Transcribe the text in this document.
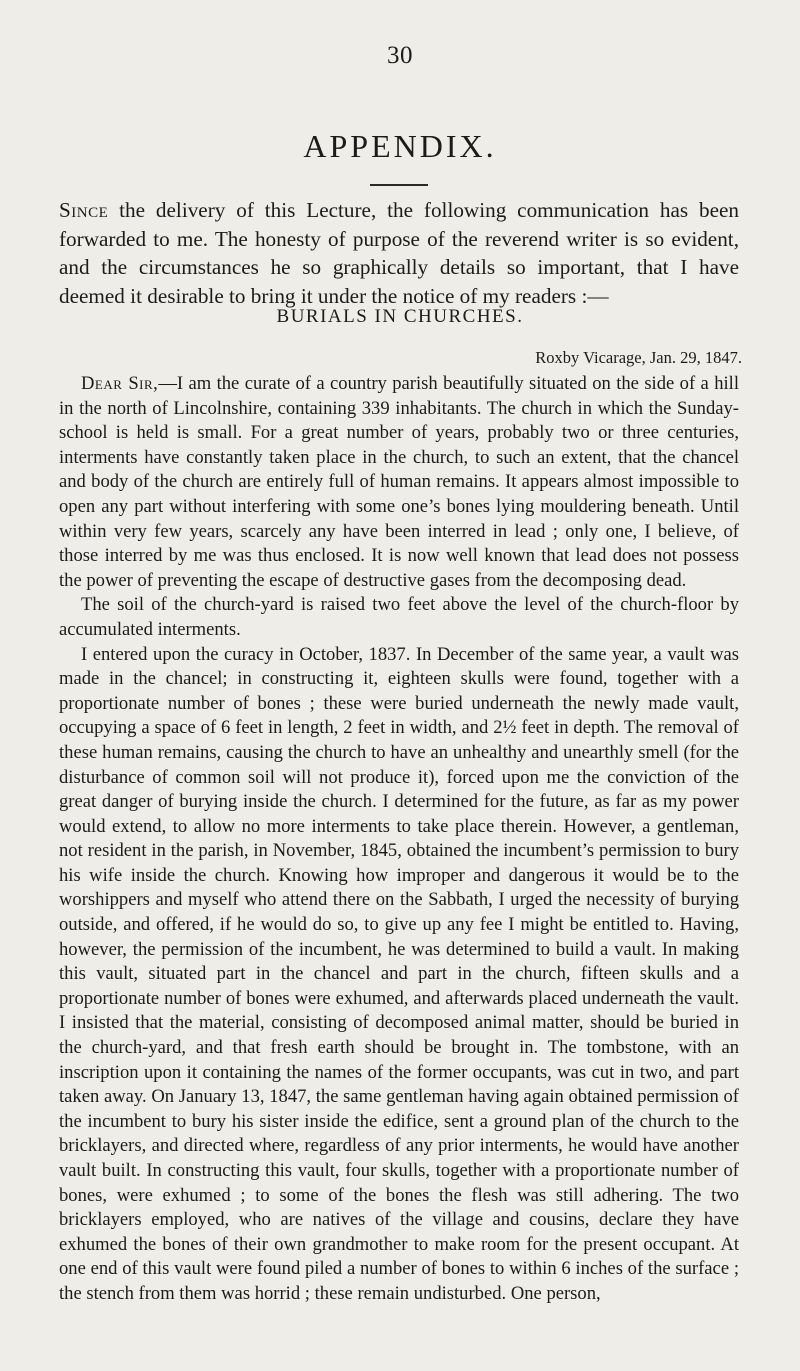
30
APPENDIX.

Since the delivery of this Lecture, the following communication has been forwarded to me. The honesty of purpose of the reverend writer is so evident, and the circumstances he so graphically details so important, that I have deemed it desirable to bring it under the notice of my readers :—

BURIALS IN CHURCHES.
Roxby Vicarage, Jan. 29, 1847.

Dear Sir,—I am the curate of a country parish beautifully situated on the side of a hill in the north of Lincolnshire, containing 339 inhabitants. The church in which the Sunday-school is held is small. For a great number of years, probably two or three centuries, interments have constantly taken place in the church, to such an extent, that the chancel and body of the church are entirely full of human remains. It appears almost impossible to open any part without interfering with some one’s bones lying mouldering beneath. Until within very few years, scarcely any have been interred in lead ; only one, I believe, of those interred by me was thus enclosed. It is now well known that lead does not possess the power of preventing the escape of destructive gases from the decomposing dead.

The soil of the church-yard is raised two feet above the level of the church-floor by accumulated interments.

I entered upon the curacy in October, 1837. In December of the same year, a vault was made in the chancel; in constructing it, eighteen skulls were found, together with a proportionate number of bones ; these were buried underneath the newly made vault, occupying a space of 6 feet in length, 2 feet in width, and 2½ feet in depth. The removal of these human remains, causing the church to have an unhealthy and unearthly smell (for the disturbance of common soil will not produce it), forced upon me the conviction of the great danger of burying inside the church. I determined for the future, as far as my power would extend, to allow no more interments to take place therein. However, a gentleman, not resident in the parish, in November, 1845, obtained the incumbent’s permission to bury his wife inside the church. Knowing how improper and dangerous it would be to the worshippers and myself who attend there on the Sabbath, I urged the necessity of burying outside, and offered, if he would do so, to give up any fee I might be entitled to. Having, however, the permission of the incumbent, he was determined to build a vault. In making this vault, situated part in the chancel and part in the church, fifteen skulls and a proportionate number of bones were exhumed, and afterwards placed underneath the vault. I insisted that the material, consisting of decomposed animal matter, should be buried in the church-yard, and that fresh earth should be brought in. The tombstone, with an inscription upon it containing the names of the former occupants, was cut in two, and part taken away. On January 13, 1847, the same gentleman having again obtained permission of the incumbent to bury his sister inside the edifice, sent a ground plan of the church to the bricklayers, and directed where, regardless of any prior interments, he would have another vault built. In constructing this vault, four skulls, together with a proportionate number of bones, were exhumed ; to some of the bones the flesh was still adhering. The two bricklayers employed, who are natives of the village and cousins, declare they have exhumed the bones of their own grandmother to make room for the present occupant. At one end of this vault were found piled a number of bones to within 6 inches of the surface ; the stench from them was horrid ; these remain undisturbed. One person,
